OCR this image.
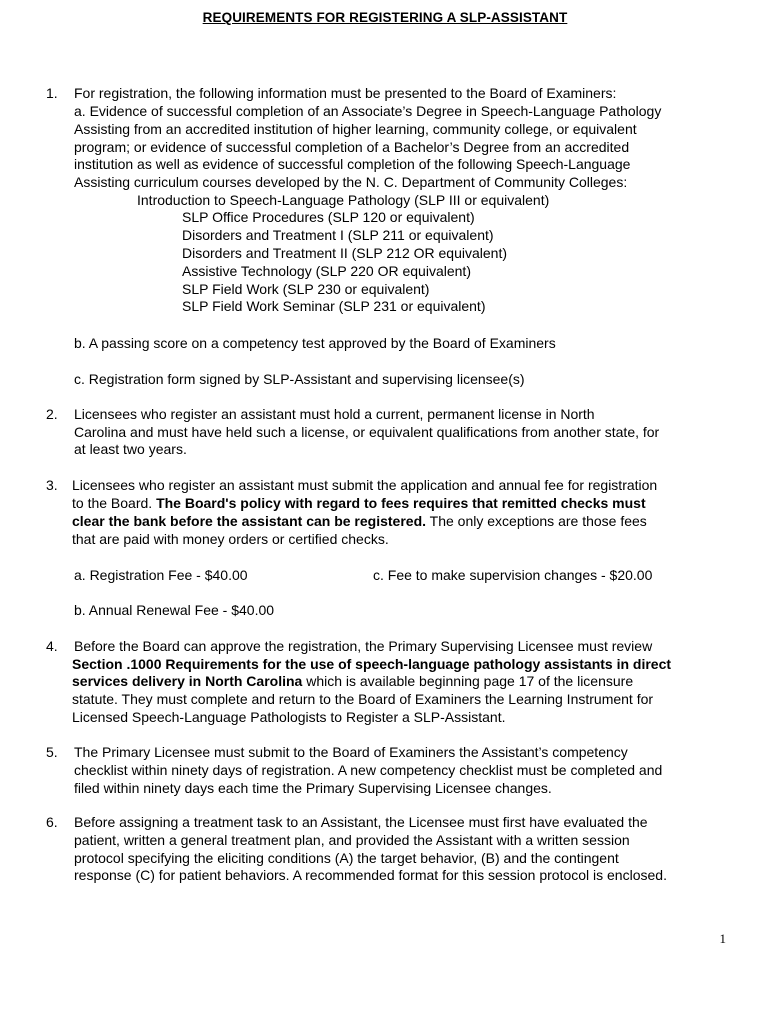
REQUIREMENTS FOR REGISTERING A SLP-ASSISTANT
1. For registration, the following information must be presented to the Board of Examiners:
a. Evidence of successful completion of an Associate’s Degree in Speech-Language Pathology
Assisting from an accredited institution of higher learning, community college, or equivalent
program; or evidence of successful completion of a Bachelor’s Degree from an accredited
institution as well as evidence of successful completion of the following Speech-Language
Assisting curriculum courses developed by the N. C. Department of Community Colleges:
Introduction to Speech-Language Pathology (SLP III or equivalent)
SLP Office Procedures (SLP 120 or equivalent)
Disorders and Treatment I (SLP 211 or equivalent)
Disorders and Treatment II (SLP 212 OR equivalent)
Assistive Technology (SLP 220 OR equivalent)
SLP Field Work (SLP 230 or equivalent)
SLP Field Work Seminar (SLP 231 or equivalent)
b. A passing score on a competency test approved by the Board of Examiners
c. Registration form signed by SLP-Assistant and supervising licensee(s)
2. Licensees who register an assistant must hold a current, permanent license in North
Carolina and must have held such a license, or equivalent qualifications from another state, for
at least two years.
3. Licensees who register an assistant must submit the application and annual fee for registration
to the Board. The Board's policy with regard to fees requires that remitted checks must
clear the bank before the assistant can be registered. The only exceptions are those fees
that are paid with money orders or certified checks.
a. Registration Fee - $40.00	c. Fee to make supervision changes - $20.00
b. Annual Renewal Fee - $40.00
4. Before the Board can approve the registration, the Primary Supervising Licensee must review
Section .1000 Requirements for the use of speech-language pathology assistants in direct
services delivery in North Carolina which is available beginning page 17 of the licensure
statute. They must complete and return to the Board of Examiners the Learning Instrument for
Licensed Speech-Language Pathologists to Register a SLP-Assistant.
5. The Primary Licensee must submit to the Board of Examiners the Assistant’s competency
checklist within ninety days of registration. A new competency checklist must be completed and
filed within ninety days each time the Primary Supervising Licensee changes.
6. Before assigning a treatment task to an Assistant, the Licensee must first have evaluated the
patient, written a general treatment plan, and provided the Assistant with a written session
protocol specifying the eliciting conditions (A) the target behavior, (B) and the contingent
response (C) for patient behaviors. A recommended format for this session protocol is enclosed.
1
